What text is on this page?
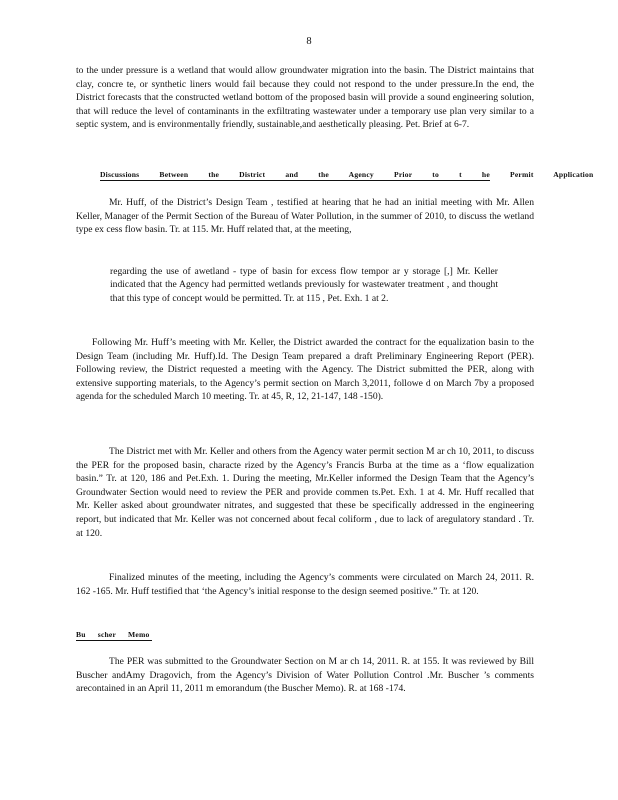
8

to the under pressure is a wetland that would allow groundwater migration into the basin. The District maintains that clay, concre te, or synthetic liners would fail because they could not respond to the under pressure.In the end, the District forecasts that the constructed wetland bottom of the proposed basin will provide a sound engineering solution, that will reduce the level of contaminants in the exfiltrating wastewater under a temporary use plan very similar to a septic system, and is environmentally friendly, sustainable,and aesthetically pleasing. Pet. Brief at 6-7.

Discussions Between the District and the Agency Prior to t he Permit Application

Mr. Huff, of the District’s Design Team , testified at hearing that he had an initial meeting with Mr. Allen Keller, Manager of the Permit Section of the Bureau of Water Pollution, in the summer of 2010, to discuss the wetland type ex cess flow basin. Tr. at 115. Mr. Huff related that, at the meeting,

regarding the use of awetland - type of basin for excess flow tempor ar y storage [,] Mr. Keller indicated that the Agency had permitted wetlands previously for wastewater treatment , and thought that this type of concept would be permitted. Tr. at 115 , Pet. Exh. 1 at 2.

Following Mr. Huff’s meeting with Mr. Keller, the District awarded the contract for the equalization basin to the Design Team (including Mr. Huff).Id. The Design Team prepared a draft Preliminary Engineering Report (PER). Following review, the District requested a meeting with the Agency. The District submitted the PER, along with extensive supporting materials, to the Agency’s permit section on March 3,2011, followe d on March 7by a proposed agenda for the scheduled March 10 meeting. Tr. at 45, R, 12, 21-147, 148 -150).

The District met with Mr. Keller and others from the Agency water permit section M ar ch 10, 2011, to discuss the PER for the proposed basin, characte rized by the Agency’s Francis Burba at the time as a ‘flow equalization basin.” Tr. at 120, 186 and Pet.Exh. 1. During the meeting, Mr.Keller informed the Design Team that the Agency’s Groundwater Section would need to review the PER and provide commen ts.Pet. Exh. 1 at 4. Mr. Huff recalled that Mr. Keller asked about groundwater nitrates, and suggested that these be specifically addressed in the engineering report, but indicated that Mr. Keller was not concerned about fecal coliform , due to lack of aregulatory standard . Tr. at 120.

Finalized minutes of the meeting, including the Agency’s comments were circulated on March 24, 2011. R. 162 -165. Mr. Huff testified that ‘the Agency’s initial response to the design seemed positive.” Tr. at 120.

Bu scher Memo

The PER was submitted to the Groundwater Section on M ar ch 14, 2011. R. at 155. It was reviewed by Bill Buscher andAmy Dragovich, from the Agency’s Division of Water Pollution Control .Mr. Buscher ’s comments arecontained in an April 11, 2011 m emorandum (the Buscher Memo). R. at 168 -174.
